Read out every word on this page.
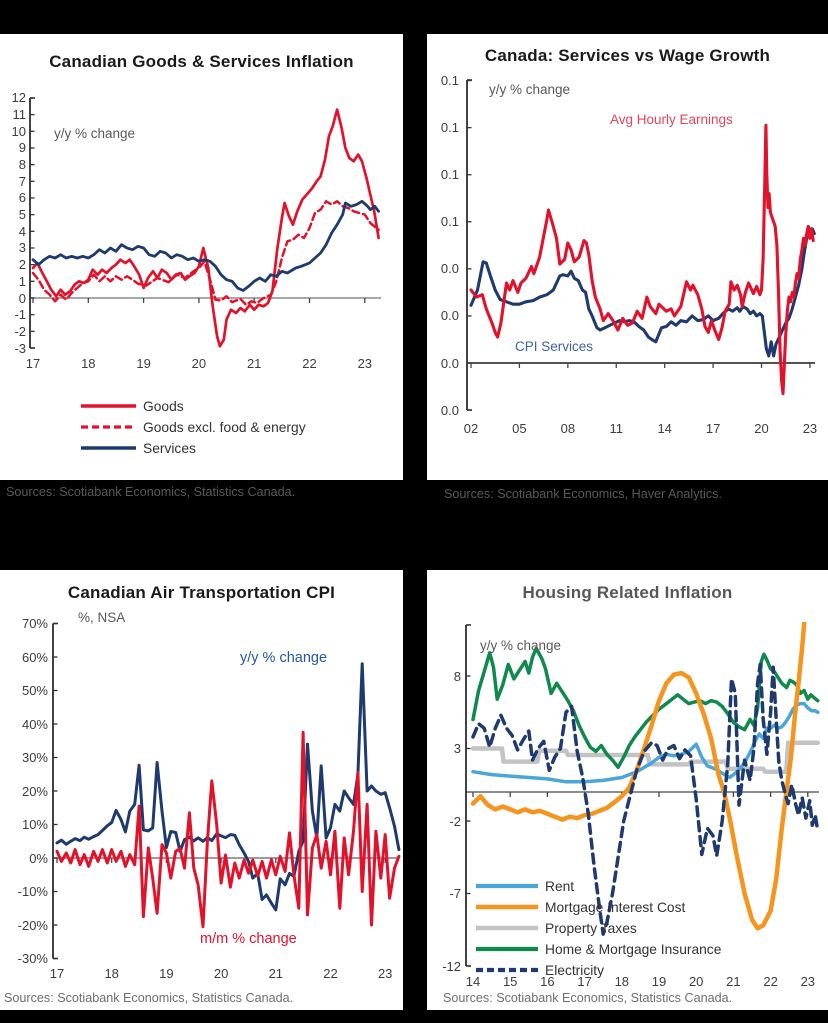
Canadian Goods & Services Inflation
y/y % change
Goods
Goods excl. food & energy
Services

Sources: Scotiabank Economics, Statistics Canada.

12
11
10
9
8
7
6
5
4
3
2
1
0
-1
-2
-3
17	18	19	20	21	22	23
Canada: Services vs Wage Growth
y/y % change
Avg Hourly Earnings
CPI Services

Sources: Scotiabank Economics, Haver Analytics.

0.1
0.1
0.1
0.1
0.0
0.0
0.0
0.0
02	05	08	11	14	17	20	23
Canadian Air Transportation CPI
%, NSA
y/y % change
m/m % change

Sources: Scotiabank Economics, Statistics Canada.

70%
60%
50%
40%
30%
20%
10%
0%
-10%
-20%
-30%
17	18	19	20	21	22	23
Housing Related Inflation
y/y % change
Rent
Mortgage Interest Cost
Property Taxes
Home & Mortgage Insurance
Electricity

Sources: Scotiabank Economics, Statistics Canada.

8
3
-2
-7
-12
14 15 16 17 18 19 20 21 22 23
